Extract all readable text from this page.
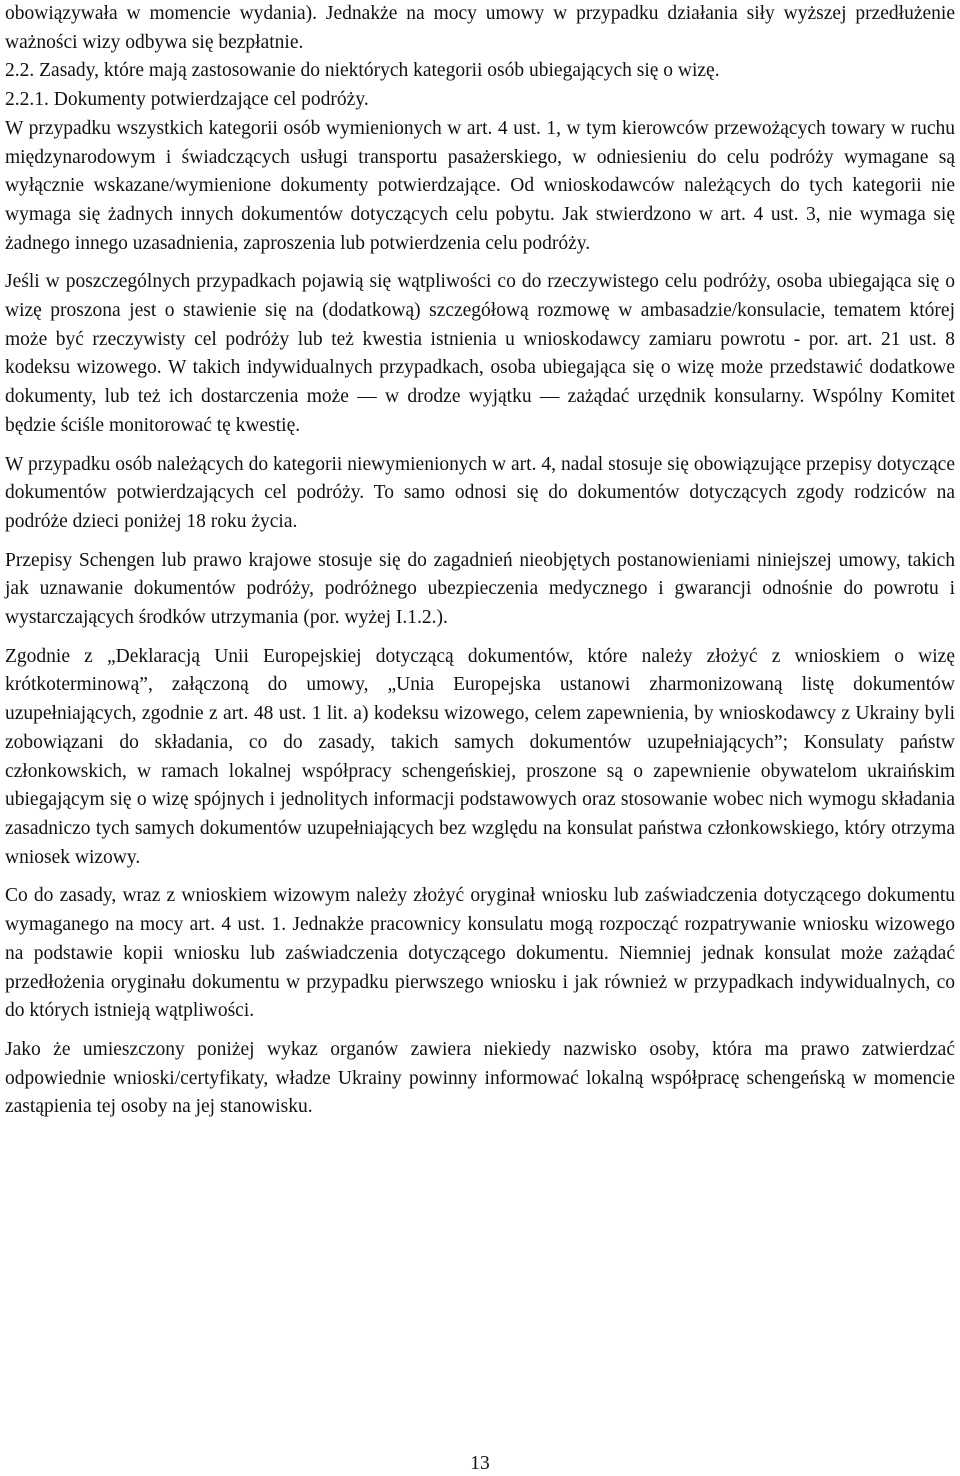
obowiązywała w momencie wydania). Jednakże na mocy umowy w przypadku działania siły wyższej przedłużenie ważności wizy odbywa się bezpłatnie.

2.2. Zasady, które mają zastosowanie do niektórych kategorii osób ubiegających się o wizę.

2.2.1. Dokumenty potwierdzające cel podróży.

W przypadku wszystkich kategorii osób wymienionych w art. 4 ust. 1, w tym kierowców przewożących towary w ruchu międzynarodowym i świadczących usługi transportu pasażerskiego, w odniesieniu do celu podróży wymagane są wyłącznie wskazane/wymienione dokumenty potwierdzające. Od wnioskodawców należących do tych kategorii nie wymaga się żadnych innych dokumentów dotyczących celu pobytu. Jak stwierdzono w art. 4 ust. 3, nie wymaga się żadnego innego uzasadnienia, zaproszenia lub potwierdzenia celu podróży.

Jeśli w poszczególnych przypadkach pojawią się wątpliwości co do rzeczywistego celu podróży, osoba ubiegająca się o wizę proszona jest o stawienie się na (dodatkową) szczegółową rozmowę w ambasadzie/konsulacie, tematem której może być rzeczywisty cel podróży lub też kwestia istnienia u wnioskodawcy zamiaru powrotu - por. art. 21 ust. 8 kodeksu wizowego. W takich indywidualnych przypadkach, osoba ubiegająca się o wizę może przedstawić dodatkowe dokumenty, lub też ich dostarczenia może — w drodze wyjątku — zażądać urzędnik konsularny. Wspólny Komitet będzie ściśle monitorować tę kwestię.

W przypadku osób należących do kategorii niewymienionych w art. 4, nadal stosuje się obowiązujące przepisy dotyczące dokumentów potwierdzających cel podróży. To samo odnosi się do dokumentów dotyczących zgody rodziców na podróże dzieci poniżej 18 roku życia.

Przepisy Schengen lub prawo krajowe stosuje się do zagadnień nieobjętych postanowieniami niniejszej umowy, takich jak uznawanie dokumentów podróży, podróżnego ubezpieczenia medycznego i gwarancji odnośnie do powrotu i wystarczających środków utrzymania (por. wyżej I.1.2.).

Zgodnie z „Deklaracją Unii Europejskiej dotyczącą dokumentów, które należy złożyć z wnioskiem o wizę krótkoterminową”, załączoną do umowy, „Unia Europejska ustanowi zharmonizowaną listę dokumentów uzupełniających, zgodnie z art. 48 ust. 1 lit. a) kodeksu wizowego, celem zapewnienia, by wnioskodawcy z Ukrainy byli zobowiązani do składania, co do zasady, takich samych dokumentów uzupełniających”; Konsulaty państw członkowskich, w ramach lokalnej współpracy schengeńskiej, proszone są o zapewnienie obywatelom ukraińskim ubiegającym się o wizę spójnych i jednolitych informacji podstawowych oraz stosowanie wobec nich wymogu składania zasadniczo tych samych dokumentów uzupełniających bez względu na konsulat państwa członkowskiego, który otrzyma wniosek wizowy.

Co do zasady, wraz z wnioskiem wizowym należy złożyć oryginał wniosku lub zaświadczenia dotyczącego dokumentu wymaganego na mocy art. 4 ust. 1. Jednakże pracownicy konsulatu mogą rozpocząć rozpatrywanie wniosku wizowego na podstawie kopii wniosku lub zaświadczenia dotyczącego dokumentu. Niemniej jednak konsulat może zażądać przedłożenia oryginału dokumentu w przypadku pierwszego wniosku i jak również w przypadkach indywidualnych, co do których istnieją wątpliwości.

Jako że umieszczony poniżej wykaz organów zawiera niekiedy nazwisko osoby, która ma prawo zatwierdzać odpowiednie wnioski/certyfikaty, władze Ukrainy powinny informować lokalną współpracę schengeńską w momencie zastąpienia tej osoby na jej stanowisku.

13
